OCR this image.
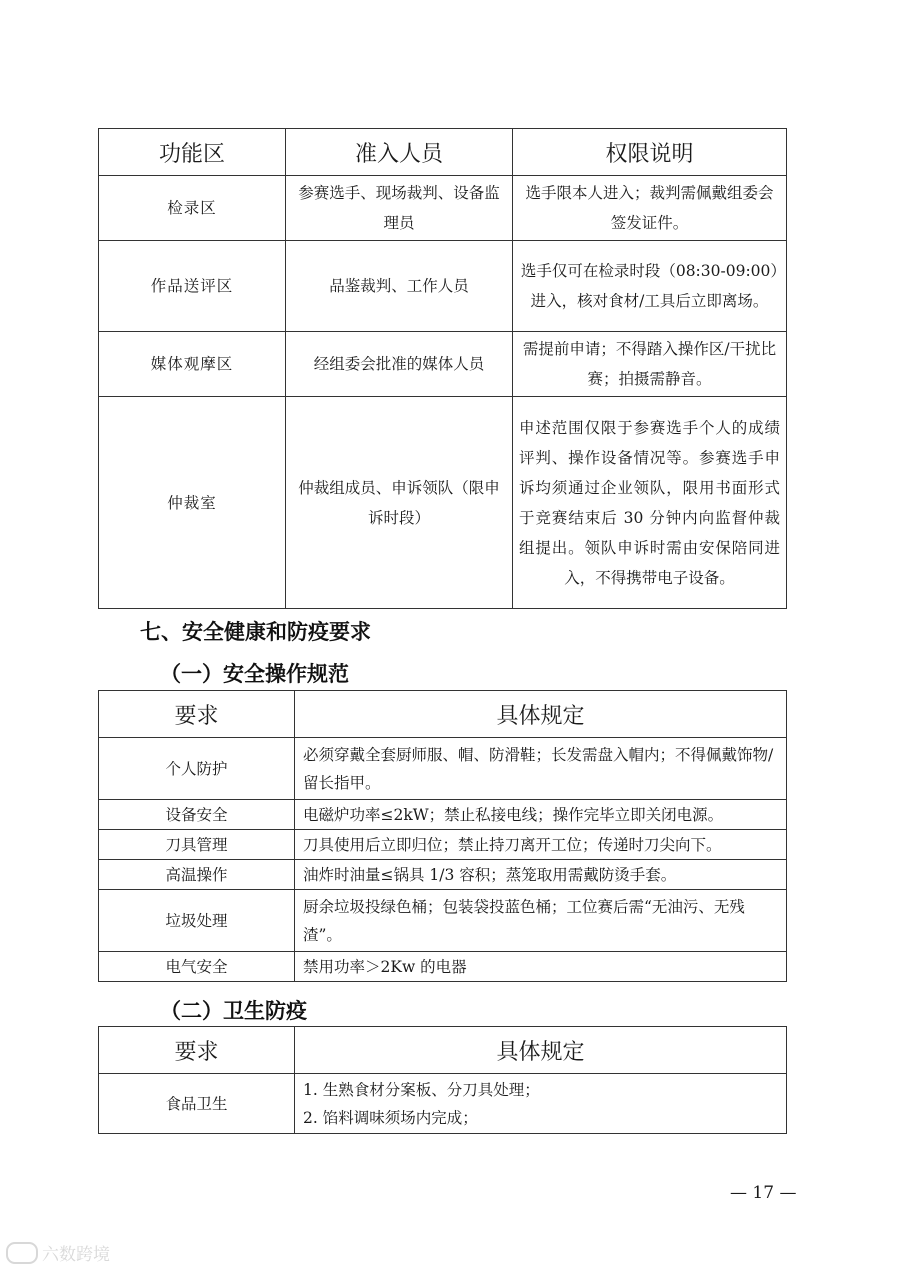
功能区	准入人员	权限说明
检录区	参赛选手、现场裁判、设备监理员	选手限本人进入；裁判需佩戴组委会签发证件。
作品送评区	品鉴裁判、工作人员	选手仅可在检录时段（08:30-09:00）进入，核对食材/工具后立即离场。
媒体观摩区	经组委会批准的媒体人员	需提前申请；不得踏入操作区/干扰比赛；拍摄需静音。
仲裁室	仲裁组成员、申诉领队（限申诉时段）	申述范围仅限于参赛选手个人的成绩评判、操作设备情况等。参赛选手申诉均须通过企业领队，限用书面形式于竞赛结束后 30 分钟内向监督仲裁组提出。领队申诉时需由安保陪同进入，不得携带电子设备。
七、安全健康和防疫要求
（一）安全操作规范
要求	具体规定
个人防护	必须穿戴全套厨师服、帽、防滑鞋；长发需盘入帽内；不得佩戴饰物/留长指甲。
设备安全	电磁炉功率≤2kW；禁止私接电线；操作完毕立即关闭电源。
刀具管理	刀具使用后立即归位；禁止持刀离开工位；传递时刀尖向下。
高温操作	油炸时油量≤锅具 1/3 容积；蒸笼取用需戴防烫手套。
垃圾处理	厨余垃圾投绿色桶；包装袋投蓝色桶；工位赛后需“无油污、无残渣”。
电气安全	禁用功率＞2Kw 的电器
（二）卫生防疫
要求	具体规定
食品卫生	1. 生熟食材分案板、分刀具处理；
2. 馅料调味须场内完成；
— 17 —
六数跨境
